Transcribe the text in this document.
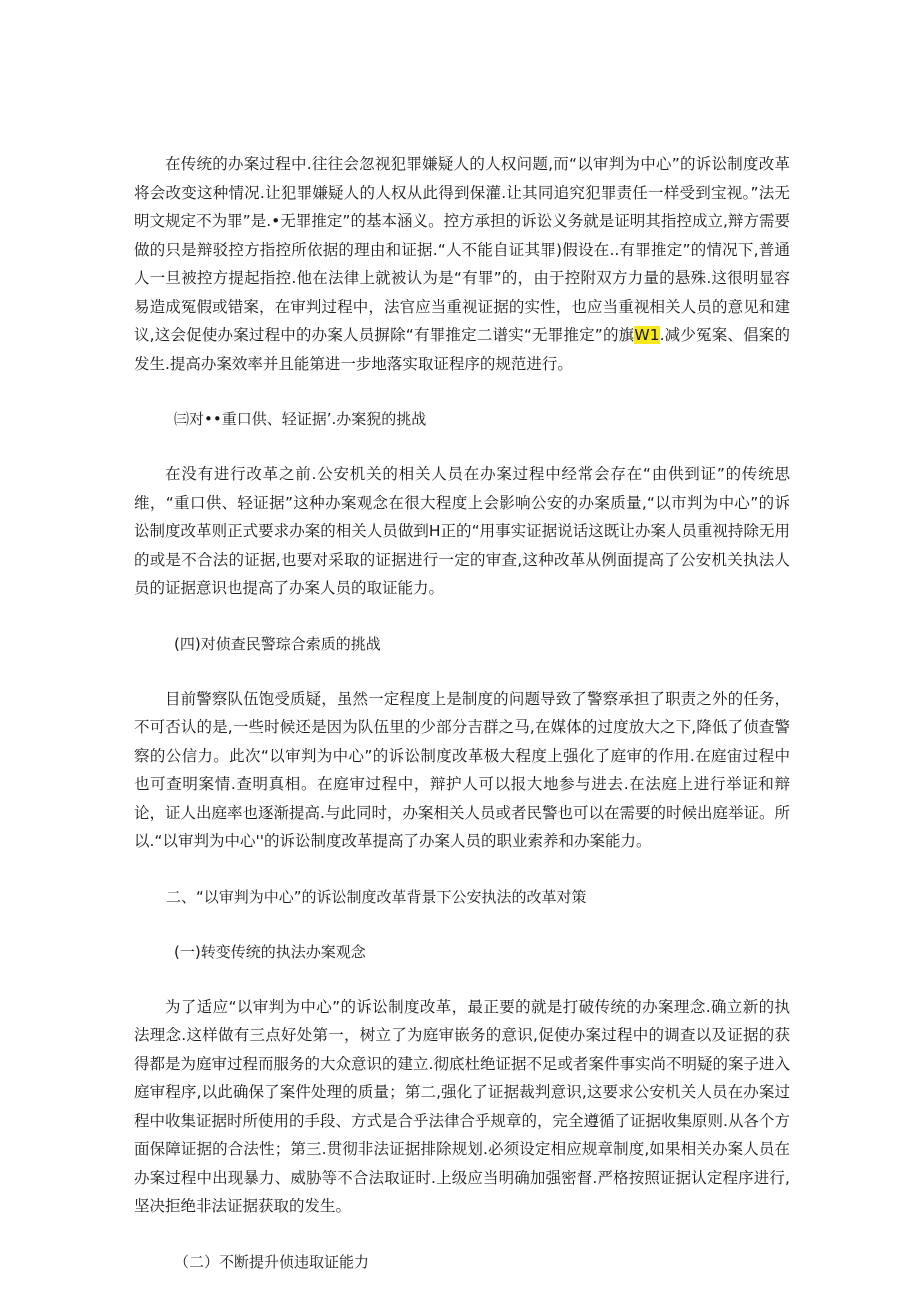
在传统的办案过程中.往往会忽视犯罪嫌疑人的人权问题,而“以审判为中心”的诉讼制度改革将会改变这种情况.让犯罪嫌疑人的人权从此得到保灌.让其同追究犯罪责任一样受到宝视。”法无明文规定不为罪”是.•无罪推定”的基本涵义。控方承担的诉讼义务就是证明其指控成立,辩方需要做的只是辩驳控方指控所依据的理由和证据.“人不能自证其罪)假设在..有罪推定”的情况下,普通人一旦被控方提起指控.他在法律上就被认为是“有罪”的，由于控附双方力量的悬殊.这很明显容易造成冤假或错案，在审判过程中，法官应当重视证据的实性，也应当重视相关人员的意见和建议,这会促使办案过程中的办案人员摒除“有罪推定二谱实“无罪推定”的旗W1.减少冤案、倡案的发生.提高办案效率并且能第进一步地落实取证程序的规范进行。

㈢对••重口供、轻证据’.办案猊的挑战

在没有进行改革之前.公安机关的相关人员在办案过程中经常会存在“由供到证”的传统思维，“重口供、轻证据”这种办案观念在很大程度上会影响公安的办案质量,“以市判为中心”的诉讼制度改革则正式要求办案的相关人员做到H正的“用事实证据说话这既让办案人员重视持除无用的或是不合法的证据,也要对采取的证据进行一定的审查,这种改革从例面提高了公安机关执法人员的证据意识也提高了办案人员的取证能力。

(四)对侦查民警琮合索质的挑战

目前警察队伍饱受质疑，虽然一定程度上是制度的问题导致了警察承担了职责之外的任务，不可否认的是,一些时候还是因为队伍里的少部分吉群之马,在媒体的过度放大之下,降低了侦查警察的公信力。此次“以审判为中心”的诉讼制度改革极大程度上强化了庭审的作用.在庭宙过程中也可查明案情.查明真相。在庭审过程中，辩护人可以报大地参与进去.在法庭上进行举证和辩论，证人出庭率也逐渐提高.与此同时，办案相关人员或者民警也可以在需要的时候出庭举证。所以.“以审判为中心''的诉讼制度改革提高了办案人员的职业索养和办案能力。

二、“以审判为中心”的诉讼制度改革背景下公安执法的改革对策
(一)转变传统的执法办案观念

为了适应“以审判为中心”的诉讼制度改革，最正要的就是打破传统的办案理念.确立新的执法理念.这样做有三点好处第一，树立了为庭审嵌务的意识,促使办案过程中的调查以及证据的获得都是为庭审过程而服务的大众意识的建立.彻底杜绝证据不足或者案件事实尚不明疑的案子进入庭审程序,以此确保了案件处理的质量；第二,强化了证据裁判意识,这要求公安机关人员在办案过程中收集证据时所使用的手段、方式是合乎法律合乎规章的，完全遵循了证据收集原则.从各个方面保障证据的合法性；第三.贯彻非法证据排除规划.必须设定相应规章制度,如果相关办案人员在办案过程中出现暴力、威胁等不合法取证时.上级应当明确加强密督.严格按照证据认定程序进行,坚决拒绝非法证据获取的发生。

（二）不断提升侦违取证能力
